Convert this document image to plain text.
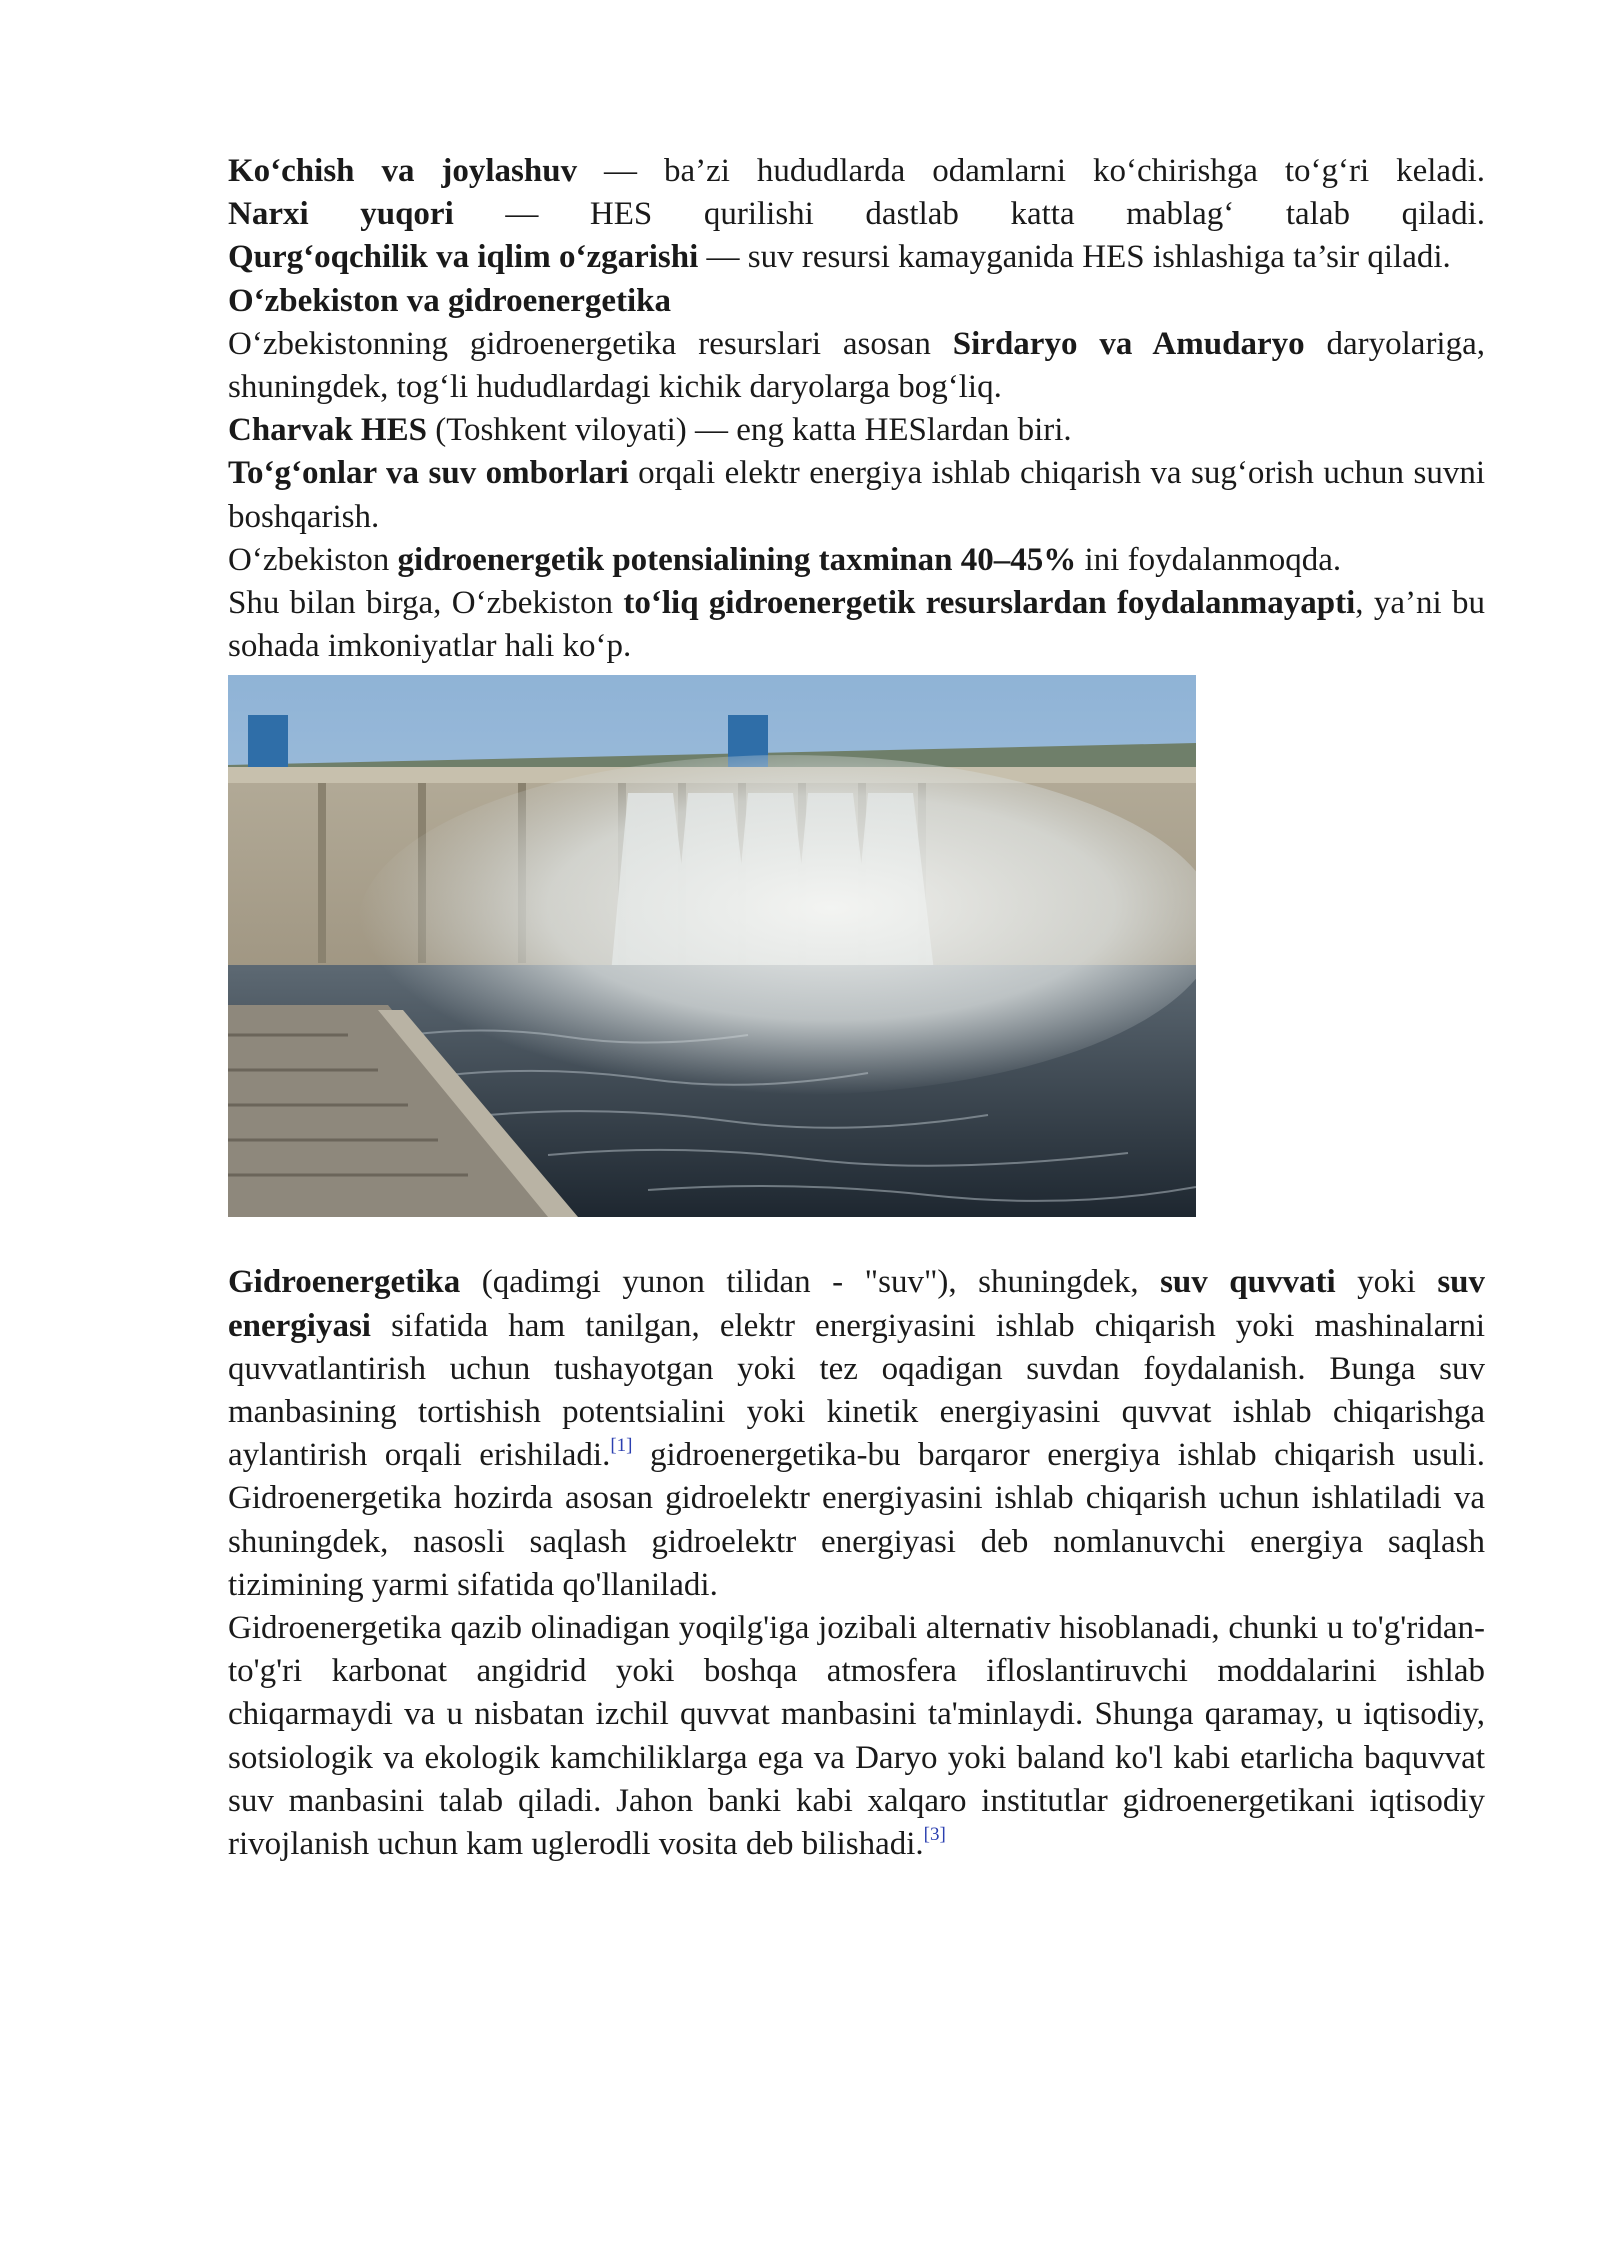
Ko‘chish va joylashuv — ba’zi hududlarda odamlarni ko‘chirishga to‘g‘ri keladi.

Narxi yuqori — HES qurilishi dastlab katta mablag‘ talab qiladi.

Qurg‘oqchilik va iqlim o‘zgarishi — suv resursi kamayganida HES ishlashiga ta’sir qiladi.

O‘zbekiston va gidroenergetika

O‘zbekistonning gidroenergetika resurslari asosan Sirdaryo va Amudaryo daryolariga, shuningdek, tog‘li hududlardagi kichik daryolarga bog‘liq.

Charvak HES (Toshkent viloyati) — eng katta HESlardan biri.

To‘g‘onlar va suv omborlari orqali elektr energiya ishlab chiqarish va sug‘orish uchun suvni boshqarish.

O‘zbekiston gidroenergetik potensialining taxminan 40–45% ini foydalanmoqda.

Shu bilan birga, O‘zbekiston to‘liq gidroenergetik resurslardan foydalanmayapti, ya’ni bu sohada imkoniyatlar hali ko‘p.

Gidroenergetika (qadimgi yunon tilidan - "suv"), shuningdek, suv quvvati yoki suv energiyasi sifatida ham tanilgan, elektr energiyasini ishlab chiqarish yoki mashinalarni quvvatlantirish uchun tushayotgan yoki tez oqadigan suvdan foydalanish. Bunga suv manbasining tortishish potentsialini yoki kinetik energiyasini quvvat ishlab chiqarishga aylantirish orqali erishiladi.[1] gidroenergetika-bu barqaror energiya ishlab chiqarish usuli. Gidroenergetika hozirda asosan gidroelektr energiyasini ishlab chiqarish uchun ishlatiladi va shuningdek, nasosli saqlash gidroelektr energiyasi deb nomlanuvchi energiya saqlash tizimining yarmi sifatida qo'llaniladi.

Gidroenergetika qazib olinadigan yoqilg'iga jozibali alternativ hisoblanadi, chunki u to'g'ridan-to'g'ri karbonat angidrid yoki boshqa atmosfera ifloslantiruvchi moddalarini ishlab chiqarmaydi va u nisbatan izchil quvvat manbasini ta'minlaydi. Shunga qaramay, u iqtisodiy, sotsiologik va ekologik kamchiliklarga ega va Daryo yoki baland ko'l kabi etarlicha baquvvat suv manbasini talab qiladi. Jahon banki kabi xalqaro institutlar gidroenergetikani iqtisodiy rivojlanish uchun kam uglerodli vosita deb bilishadi.[3]
